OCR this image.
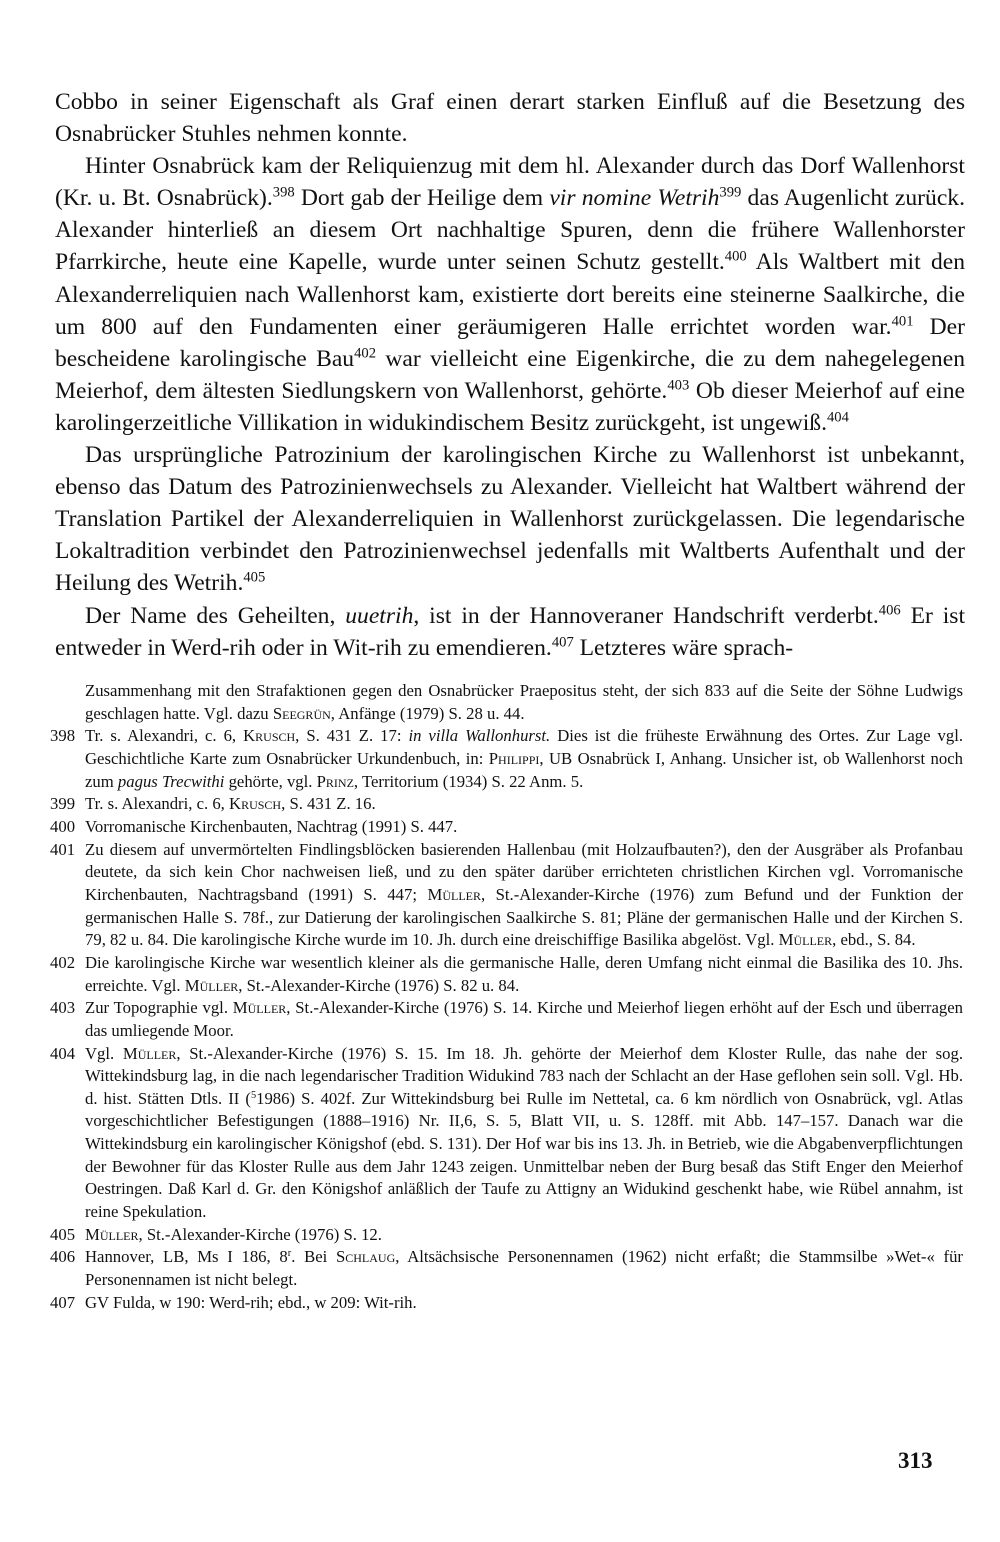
Cobbo in seiner Eigenschaft als Graf einen derart starken Einfluß auf die Besetzung des Osnabrücker Stuhles nehmen konnte.

Hinter Osnabrück kam der Reliquienzug mit dem hl. Alexander durch das Dorf Wallenhorst (Kr. u. Bt. Osnabrück).$^{398}$ Dort gab der Heilige dem vir nomine Wetrih$^{399}$ das Augenlicht zurück. Alexander hinterließ an diesem Ort nachhaltige Spuren, denn die frühere Wallenhorster Pfarrkirche, heute eine Kapelle, wurde unter seinen Schutz gestellt.$^{400}$ Als Waltbert mit den Alexanderreliquien nach Wallenhorst kam, existierte dort bereits eine steinerne Saalkirche, die um 800 auf den Fundamenten einer geräumigeren Halle errichtet worden war.$^{401}$ Der bescheidene karolingische Bau$^{402}$ war vielleicht eine Eigenkirche, die zu dem nahegelegenen Meierhof, dem ältesten Siedlungskern von Wallenhorst, gehörte.$^{403}$ Ob dieser Meierhof auf eine karolingerzeitliche Villikation in widukindischem Besitz zurückgeht, ist ungewiß.$^{404}$

Das ursprüngliche Patrozinium der karolingischen Kirche zu Wallenhorst ist unbekannt, ebenso das Datum des Patrozinienwechsels zu Alexander. Vielleicht hat Waltbert während der Translation Partikel der Alexanderreliquien in Wallenhorst zurückgelassen. Die legendarische Lokaltradition verbindet den Patrozinienwechsel jedenfalls mit Waltberts Aufenthalt und der Heilung des Wetrih.$^{405}$

Der Name des Geheilten, uuetrih, ist in der Hannoveraner Handschrift verderbt.$^{406}$ Er ist entweder in Werd-rih oder in Wit-rih zu emendieren.$^{407}$ Letzteres wäre sprach-

Zusammenhang mit den Strafaktionen gegen den Osnabrücker Praepositus steht, der sich 833 auf die Seite der Söhne Ludwigs geschlagen hatte. Vgl. dazu Seegrün, Anfänge (1979) S. 28 u. 44.

398 Tr. s. Alexandri, c. 6, Krusch, S. 431 Z. 17: in villa Wallonhurst. Dies ist die früheste Erwähnung des Ortes. Zur Lage vgl. Geschichtliche Karte zum Osnabrücker Urkundenbuch, in: Philippi, UB Osnabrück I, Anhang. Unsicher ist, ob Wallenhorst noch zum pagus Trecwithi gehörte, vgl. Prinz, Territorium (1934) S. 22 Anm. 5.

399 Tr. s. Alexandri, c. 6, Krusch, S. 431 Z. 16.

400 Vorromanische Kirchenbauten, Nachtrag (1991) S. 447.

401 Zu diesem auf unvermörtelten Findlingsblöcken basierenden Hallenbau (mit Holzaufbauten?), den der Ausgräber als Profanbau deutete, da sich kein Chor nachweisen ließ, und zu den später darüber errichteten christlichen Kirchen vgl. Vorromanische Kirchenbauten, Nachtragsband (1991) S. 447; Müller, St.-Alexander-Kirche (1976) zum Befund und der Funktion der germanischen Halle S. 78f., zur Datierung der karolingischen Saalkirche S. 81; Pläne der germanischen Halle und der Kirchen S. 79, 82 u. 84. Die karolingische Kirche wurde im 10. Jh. durch eine dreischiffige Basilika abgelöst. Vgl. Müller, ebd., S. 84.

402 Die karolingische Kirche war wesentlich kleiner als die germanische Halle, deren Umfang nicht einmal die Basilika des 10. Jhs. erreichte. Vgl. Müller, St.-Alexander-Kirche (1976) S. 82 u. 84.

403 Zur Topographie vgl. Müller, St.-Alexander-Kirche (1976) S. 14. Kirche und Meierhof liegen erhöht auf der Esch und überragen das umliegende Moor.

404 Vgl. Müller, St.-Alexander-Kirche (1976) S. 15. Im 18. Jh. gehörte der Meierhof dem Kloster Rulle, das nahe der sog. Wittekindsburg lag, in die nach legendarischer Tradition Widukind 783 nach der Schlacht an der Hase geflohen sein soll. Vgl. Hb. d. hist. Stätten Dtls. II ($^5$1986) S. 402f. Zur Wittekindsburg bei Rulle im Nettetal, ca. 6 km nördlich von Osnabrück, vgl. Atlas vorgeschichtlicher Befestigungen (1888–1916) Nr. II,6, S. 5, Blatt VII, u. S. 128ff. mit Abb. 147–157. Danach war die Wittekindsburg ein karolingischer Königshof (ebd. S. 131). Der Hof war bis ins 13. Jh. in Betrieb, wie die Abgabenverpflichtungen der Bewohner für das Kloster Rulle aus dem Jahr 1243 zeigen. Unmittelbar neben der Burg besaß das Stift Enger den Meierhof Oestringen. Daß Karl d. Gr. den Königshof anläßlich der Taufe zu Attigny an Widukind geschenkt habe, wie Rübel annahm, ist reine Spekulation.

405 Müller, St.-Alexander-Kirche (1976) S. 12.

406 Hannover, LB, Ms I 186, 8$^r$. Bei Schlaug, Altsächsische Personennamen (1962) nicht erfaßt; die Stammsilbe »Wet-« für Personennamen ist nicht belegt.

407 GV Fulda, w 190: Werd-rih; ebd., w 209: Wit-rih.

313
